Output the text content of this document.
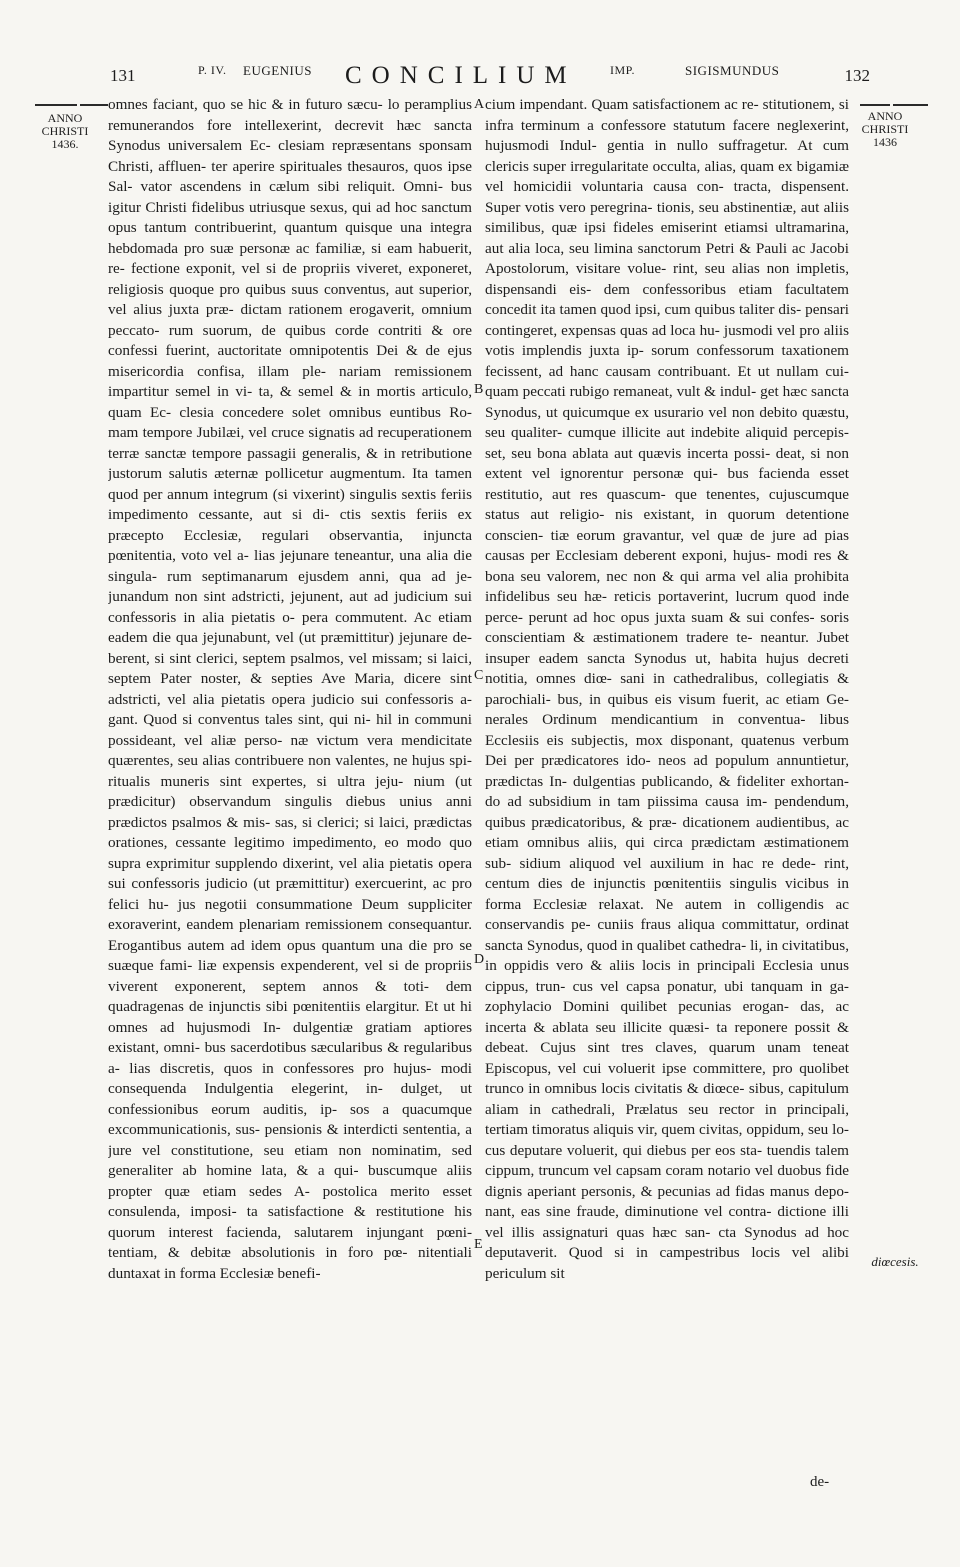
131	EUGENIUS
P. IV.	CONCILIUM	SIGISMUNDUS
IMP.	132
ANNO CHRISTI
1436.
ANNO CHRISTI
1436
diœcesis.
omnes faciant, quo se hic & in futuro sæcu- lo peramplius remunerandos fore intellexerint, decrevit hæc sancta Synodus universalem Ec- clesiam repræsentans sponsam Christi, affluen- ter aperire spirituales thesauros, quos ipse Sal- vator ascendens in cælum sibi reliquit. Omni- bus igitur Christi fidelibus utriusque sexus, qui ad hoc sanctum opus tantum contribuerint, quantum quisque una integra hebdomada pro suæ personæ ac familiæ, si eam habuerit, re- fectione exponit, vel si de propriis viveret, exponeret, religiosis quoque pro quibus suus conventus, aut superior, vel alius juxta præ- dictam rationem erogaverit, omnium peccato- rum suorum, de quibus corde contriti & ore confessi fuerint, auctoritate omnipotentis Dei & de ejus misericordia confisa, illam ple- nariam remissionem impartitur semel in vi- ta, & semel & in mortis articulo, quam Ec- clesia concedere solet omnibus euntibus Ro- mam tempore Jubilæi, vel cruce signatis ad recuperationem terræ sanctæ tempore passagii generalis, & in retributione justorum salutis æternæ pollicetur augmentum. Ita tamen quod per annum integrum (si vixerint) singulis sextis feriis impedimento cessante, aut si di- ctis sextis feriis ex præcepto Ecclesiæ, regulari observantia, injuncta pœnitentia, voto vel a- lias jejunare teneantur, una alia die singula- rum septimanarum ejusdem anni, qua ad je- junandum non sint adstricti, jejunent, aut ad judicium sui confessoris in alia pietatis o- pera commutent. Ac etiam eadem die qua jejunabunt, vel (ut præmittitur) jejunare de- berent, si sint clerici, septem psalmos, vel missam; si laici, septem Pater noster, & septies Ave Maria, dicere sint adstricti, vel alia pietatis opera judicio sui confessoris a- gant. Quod si conventus tales sint, qui ni- hil in communi possideant, vel aliæ perso- næ victum vera mendicitate quærentes, seu alias contribuere non valentes, ne hujus spi- ritualis muneris sint expertes, si ultra jeju- nium (ut prædicitur) observandum singulis diebus unius anni prædictos psalmos & mis- sas, si clerici; si laici, prædictas orationes, cessante legitimo impedimento, eo modo quo supra exprimitur supplendo dixerint, vel alia pietatis opera sui confessoris judicio (ut præmittitur) exercuerint, ac pro felici hu- jus negotii consummatione Deum suppliciter exoraverint, eandem plenariam remissionem consequantur. Erogantibus autem ad idem opus quantum una die pro se suæque fami- liæ expensis expenderent, vel si de propriis viverent exponerent, septem annos & toti- dem quadragenas de injunctis sibi pœnitentiis elargitur. Et ut hi omnes ad hujusmodi In- dulgentiæ gratiam aptiores existant, omni- bus sacerdotibus sæcularibus & regularibus a- lias discretis, quos in confessores pro hujus- modi consequenda Indulgentia elegerint, in- dulget, ut confessionibus eorum auditis, ip- sos a quacumque excommunicationis, sus- pensionis & interdicti sententia, a jure vel constitutione, seu etiam non nominatim, sed generaliter ab homine lata, & a qui- buscumque aliis propter quæ etiam sedes A- postolica merito esset consulenda, imposi- ta satisfactione & restitutione his quorum interest facienda, salutarem injungant pœni- tentiam, & debitæ absolutionis in foro pœ- nitentiali duntaxat in forma Ecclesiæ benefi-
cium impendant. Quam satisfactionem ac re- stitutionem, si infra terminum a confessore statutum facere neglexerint, hujusmodi Indul- gentia in nullo suffragetur. At cum clericis super irregularitate occulta, alias, quam ex bigamiæ vel homicidii voluntaria causa con- tracta, dispensent. Super votis vero peregrina- tionis, seu abstinentiæ, aut aliis similibus, quæ ipsi fideles emiserint etiamsi ultramarina, aut alia loca, seu limina sanctorum Petri & Pauli ac Jacobi Apostolorum, visitare volue- rint, seu alias non impletis, dispensandi eis- dem confessoribus etiam facultatem concedit ita tamen quod ipsi, cum quibus taliter dis- pensari contingeret, expensas quas ad loca hu- jusmodi vel pro aliis votis implendis juxta ip- sorum confessorum taxationem fecissent, ad hanc causam contribuant. Et ut nullam cui- quam peccati rubigo remaneat, vult & indul- get hæc sancta Synodus, ut quicumque ex usurario vel non debito quæstu, seu qualiter- cumque illicite aut indebite aliquid percepis- set, seu bona ablata aut quævis incerta possi- deat, si non extent vel ignorentur personæ qui- bus facienda esset restitutio, aut res quascum- que tenentes, cujuscumque status aut religio- nis existant, in quorum detentione conscien- tiæ eorum gravantur, vel quæ de jure ad pias causas per Ecclesiam deberent exponi, hujus- modi res & bona seu valorem, nec non & qui arma vel alia prohibita infidelibus seu hæ- reticis portaverint, lucrum quod inde perce- perunt ad hoc opus juxta suam & sui confes- soris conscientiam & æstimationem tradere te- neantur. Jubet insuper eadem sancta Synodus ut, habita hujus decreti notitia, omnes diœ- sani in cathedralibus, collegiatis & parochiali- bus, in quibus eis visum fuerit, ac etiam Ge- nerales Ordinum mendicantium in conventua- libus Ecclesiis eis subjectis, mox disponant, quatenus verbum Dei per prædicatores ido- neos ad populum annuntietur, prædictas In- dulgentias publicando, & fideliter exhortan- do ad subsidium in tam piissima causa im- pendendum, quibus prædicatoribus, & præ- dicationem audientibus, ac etiam omnibus aliis, qui circa prædictam æstimationem sub- sidium aliquod vel auxilium in hac re dede- rint, centum dies de injunctis pœnitentiis singulis vicibus in forma Ecclesiæ relaxat. Ne autem in colligendis ac conservandis pe- cuniis fraus aliqua committatur, ordinat sancta Synodus, quod in qualibet cathedra- li, in civitatibus, in oppidis vero & aliis locis in principali Ecclesia unus cippus, trun- cus vel capsa ponatur, ubi tanquam in ga- zophylacio Domini quilibet pecunias erogan- das, ac incerta & ablata seu illicite quæsi- ta reponere possit & debeat. Cujus sint tres claves, quarum unam teneat Episcopus, vel cui voluerit ipse committere, pro quolibet trunco in omnibus locis civitatis & diœce- sibus, capitulum aliam in cathedrali, Prælatus seu rector in principali, tertiam timoratus aliquis vir, quem civitas, oppidum, seu lo- cus deputare voluerit, qui diebus per eos sta- tuendis talem cippum, truncum vel capsam coram notario vel duobus fide dignis aperiant personis, & pecunias ad fidas manus depo- nant, eas sine fraude, diminutione vel contra- dictione illi vel illis assignaturi quas hæc san- cta Synodus ad hoc deputaverit. Quod si in campestribus locis vel alibi periculum sit
A
B
C
D
E
de-
